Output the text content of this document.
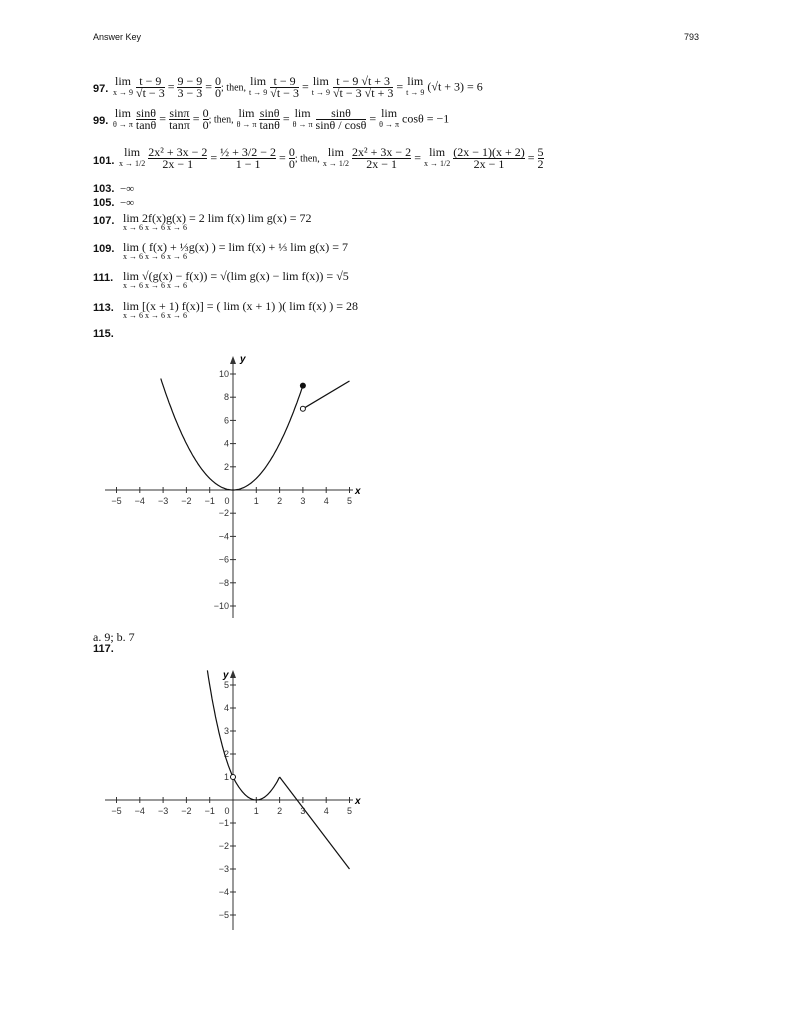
Answer Key	793
97.
lim
x → 9
$\frac{t - 9}{√t - 3} = \frac{9 - 9}{3 - 3} = \frac{0}{0}$ ; then, lim
t → 9
$\frac{t - 9}{√t - 3} = \lim$
t → 9
$\frac{t - 9 √t + 3}{√t - 3 √t + 3} = \lim$
t → 9 (√t + 3) = 6
99.
lim
θ → π
$\frac{\sin\theta}{\tan\theta} = \frac{\sin\pi}{\tan\pi} = \frac{0}{0}$ ; then, lim
θ → π
$\frac{\sin\theta}{\tan\theta} = \lim$
θ → π
$\frac{\sin\theta}{\sin\theta / \cos\theta} = \lim$
θ → π cosθ = −1
101.
lim
x → 1/2
$\frac{\text{2x² + 3x − 2}}{2x - 1} = \frac{\text{½ + 3/2 − 2}}{1 - 1} = \frac{0}{0}$ ; then, lim
x → 1/2
$\frac{\text{2x² + 3x − 2}}{2x - 1} = \lim$
x → 1/2
$\frac{(2x - 1)(x + 2)}{2x - 1} = \frac{5}{2}$
103. −∞
105. −∞
107. lim 2f(x)g(x) = 2 lim f(x) lim g(x) = 72
x → 6 x → 6 x → 6
109. lim ( f(x) + ⅓g(x) ) = lim f(x) + ⅓ lim g(x) = 7
x → 6 x → 6 x → 6
111. lim √(g(x) − f(x)) = √(lim g(x) − lim f(x)) = √5
x → 6 x → 6 x → 6
113. lim [(x + 1) f(x)] = ( lim (x + 1) )( lim f(x) ) = 28
x → 6 x → 6 x → 6
115.
−5 −4 −3 −2 −1 0	1 2 3 4 5
10
8
6
4
2
−2
−4
−6
−8
−10
y
x
a. 9; b. 7
117.
−5 −4 −3 −2 −1 0	1 2 3 4 5
5
4
3
2
1
−1
−2
−3
−4
−5
y
x
